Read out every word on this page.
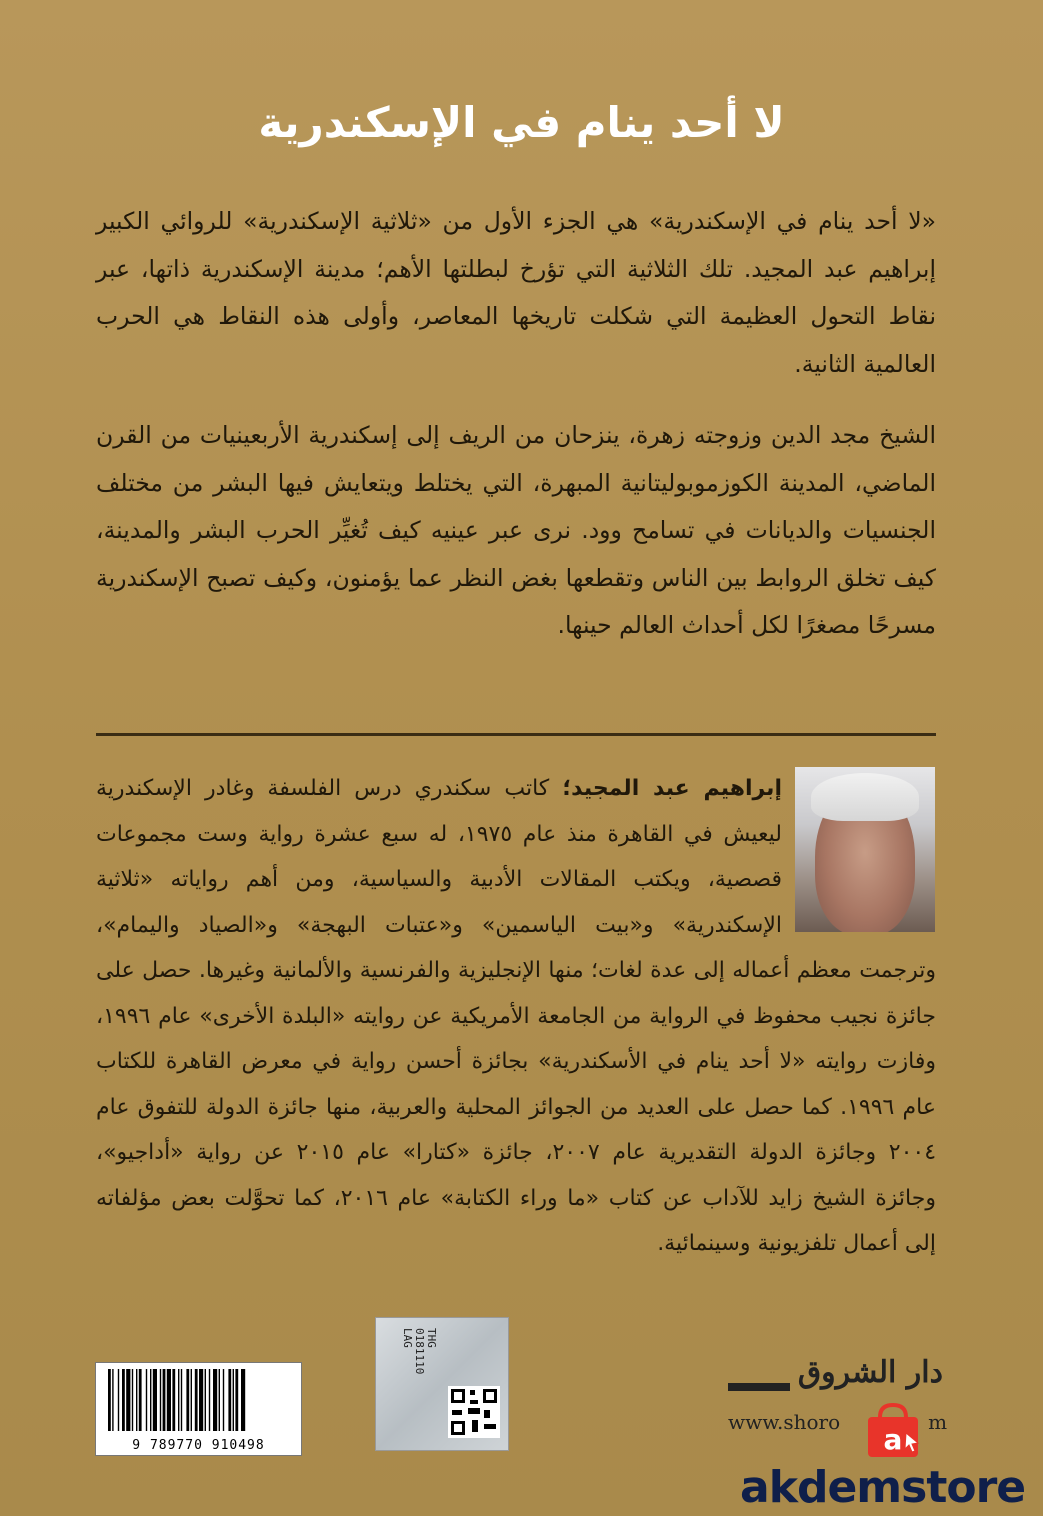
لا أحد ينام في الإسكندرية

«لا أحد ينام في الإسكندرية» هي الجزء الأول من «ثلاثية الإسكندرية» للروائي الكبير إبراهيم عبد المجيد. تلك الثلاثية التي تؤرخ لبطلتها الأهم؛ مدينة الإسكندرية ذاتها، عبر نقاط التحول العظيمة التي شكلت تاريخها المعاصر، وأولى هذه النقاط هي الحرب العالمية الثانية.

الشيخ مجد الدين وزوجته زهرة، ينزحان من الريف إلى إسكندرية الأربعينيات من القرن الماضي، المدينة الكوزموبوليتانية المبهرة، التي يختلط ويتعايش فيها البشر من مختلف الجنسيات والديانات في تسامح وود. نرى عبر عينيه كيف تُغيِّر الحرب البشر والمدينة، كيف تخلق الروابط بين الناس وتقطعها بغض النظر عما يؤمنون، وكيف تصبح الإسكندرية مسرحًا مصغرًا لكل أحداث العالم حينها.

إبراهيم عبد المجيد؛ كاتب سكندري درس الفلسفة وغادر الإسكندرية ليعيش في القاهرة منذ عام ١٩٧٥، له سبع عشرة رواية وست مجموعات قصصية، ويكتب المقالات الأدبية والسياسية، ومن أهم رواياته «ثلاثية الإسكندرية» و«بيت الياسمين» و«عتبات البهجة» و«الصياد واليمام»، وترجمت معظم أعماله إلى عدة لغات؛ منها الإنجليزية والفرنسية والألمانية وغيرها. حصل على جائزة نجيب محفوظ في الرواية من الجامعة الأمريكية عن روايته «البلدة الأخرى» عام ١٩٩٦، وفازت روايته «لا أحد ينام في الأسكندرية» بجائزة أحسن رواية في معرض القاهرة للكتاب عام ١٩٩٦. كما حصل على العديد من الجوائز المحلية والعربية، منها جائزة الدولة للتفوق عام ٢٠٠٤ وجائزة الدولة التقديرية عام ٢٠٠٧، جائزة «كتارا» عام ٢٠١٥ عن رواية «أداجيو»، وجائزة الشيخ زايد للآداب عن كتاب «ما وراء الكتابة» عام ٢٠١٦، كما تحوَّلت بعض مؤلفاته إلى أعمال تلفزيونية وسينمائية.

9 789770 910498
THG
0181110
LAG
دار الشروق
www.shoro	m
a
akdemstore
